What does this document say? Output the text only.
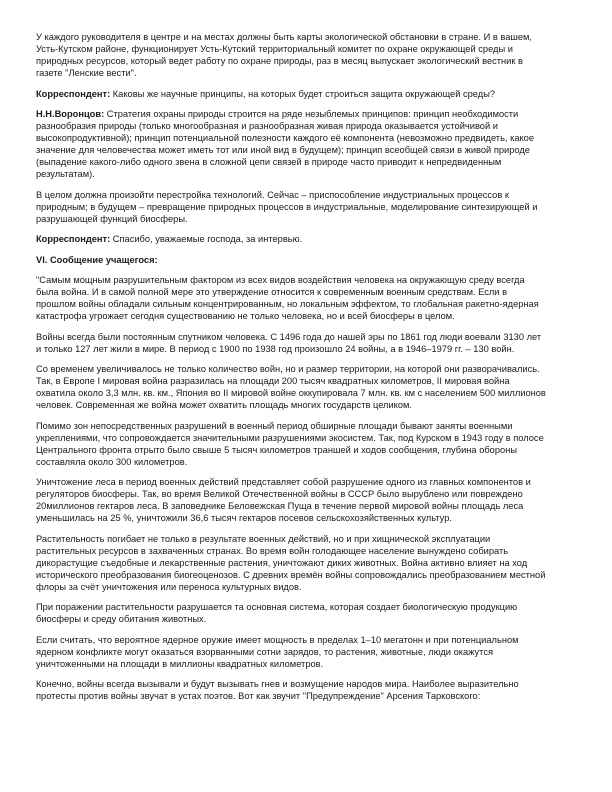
У каждого руководителя в центре и на местах должны быть карты экологической обстановки в стране. И в вашем, Усть-Кутском районе, функционирует Усть-Кутский территориальный комитет по охране окружающей среды и природных ресурсов, который ведет работу по охране природы, раз в месяц выпускает экологический вестник в газете "Ленские вести".

Корреспондент: Каковы же научные принципы, на которых будет строиться защита окружающей среды?

Н.Н.Воронцов: Стратегия охраны природы строится на ряде незыблемых принципов: принцип необходимости разнообразия природы (только многообразная и разнообразная живая природа оказывается устойчивой и высокопродуктивной); принцип потенциальной полезности каждого её компонента (невозможно предвидеть, какое значение для человечества может иметь тот или иной вид в будущем); принцип всеобщей связи в живой природе (выпадение какого-либо одного звена в сложной цепи связей в природе часто приводит к непредвиденным результатам).

В целом должна произойти перестройка технологий. Сейчас – приспособление индустриальных процессов к природным; в будущем – превращение природных процессов в индустриальные, моделирование синтезирующей и разрушающей функций биосферы.

Корреспондент: Спасибо, уважаемые господа, за интервью.

VI. Сообщение учащегося:

"Самым мощным разрушительным фактором из всех видов воздействия человека на окружающую среду всегда была война. И в самой полной мере это утверждение относится к современным военным средствам. Если в прошлом войны обладали сильным концентрированным, но локальным эффектом, то глобальная ракетно-ядерная катастрофа угрожает сегодня существованию не только человека, но и всей биосферы в целом.

Войны всегда были постоянным спутником человека. С 1496 года до нашей эры по 1861 год люди воевали 3130 лет и только 127 лет жили в мире. В период с 1900 по 1938 год произошло 24 войны, а в 1946–1979 гг. – 130 войн.

Со временем увеличивалось не только количество войн, но и размер территории, на которой они разворачивались. Так, в Европе I мировая война разразилась на площади 200 тысяч квадратных километров, II мировая война охватила около 3,3 млн. кв. км., Япония во II мировой войне оккупировала 7 млн. кв. км с населением 500 миллионов человек. Современная же война может охватить площадь многих государств целиком.

Помимо зон непосредственных разрушений в военный период обширные площади бывают заняты военными укреплениями, что сопровождается значительными разрушениями экосистем. Так, под Курском в 1943 году в полосе Центрального фронта отрыто было свыше 5 тысяч километров траншей и ходов сообщения, глубина обороны составляла около 300 километров.

Уничтожение леса в период военных действий представляет собой разрушение одного из главных компонентов и регуляторов биосферы. Так, во время Великой Отечественной войны в СССР было вырублено или повреждено 20миллионов гектаров леса. В заповеднике Беловежская Пуща в течение первой мировой войны площадь леса уменьшилась на 25 %, уничтожили 36,6 тысяч гектаров посевов сельскохозяйственных культур.

Растительность погибает не только в результате военных действий, но и при хищнической эксплуатации растительных ресурсов в захваченных странах. Во время войн голодающее население вынуждено собирать дикорастущие съедобные и лекарственные растения, уничтожают диких животных. Война активно влияет на ход исторического преобразования биогеоценозов. С древних времён войны сопровождались преобразованием местной флоры за счёт уничтожения или переноса культурных видов.

При поражении растительности разрушается та основная система, которая создает биологическую продукцию биосферы и среду обитания животных.

Если считать, что вероятное ядерное оружие имеет мощность в пределах 1–10 мегатонн и при потенциальном ядерном конфликте могут оказаться взорванными сотни зарядов, то растения, животные, люди окажутся уничтоженными на площади в миллионы квадратных километров.

Конечно, войны всегда вызывали и будут вызывать гнев и возмущение народов мира. Наиболее выразительно протесты против войны звучат в устах поэтов. Вот как звучит "Предупреждение" Арсения Тарковского:
